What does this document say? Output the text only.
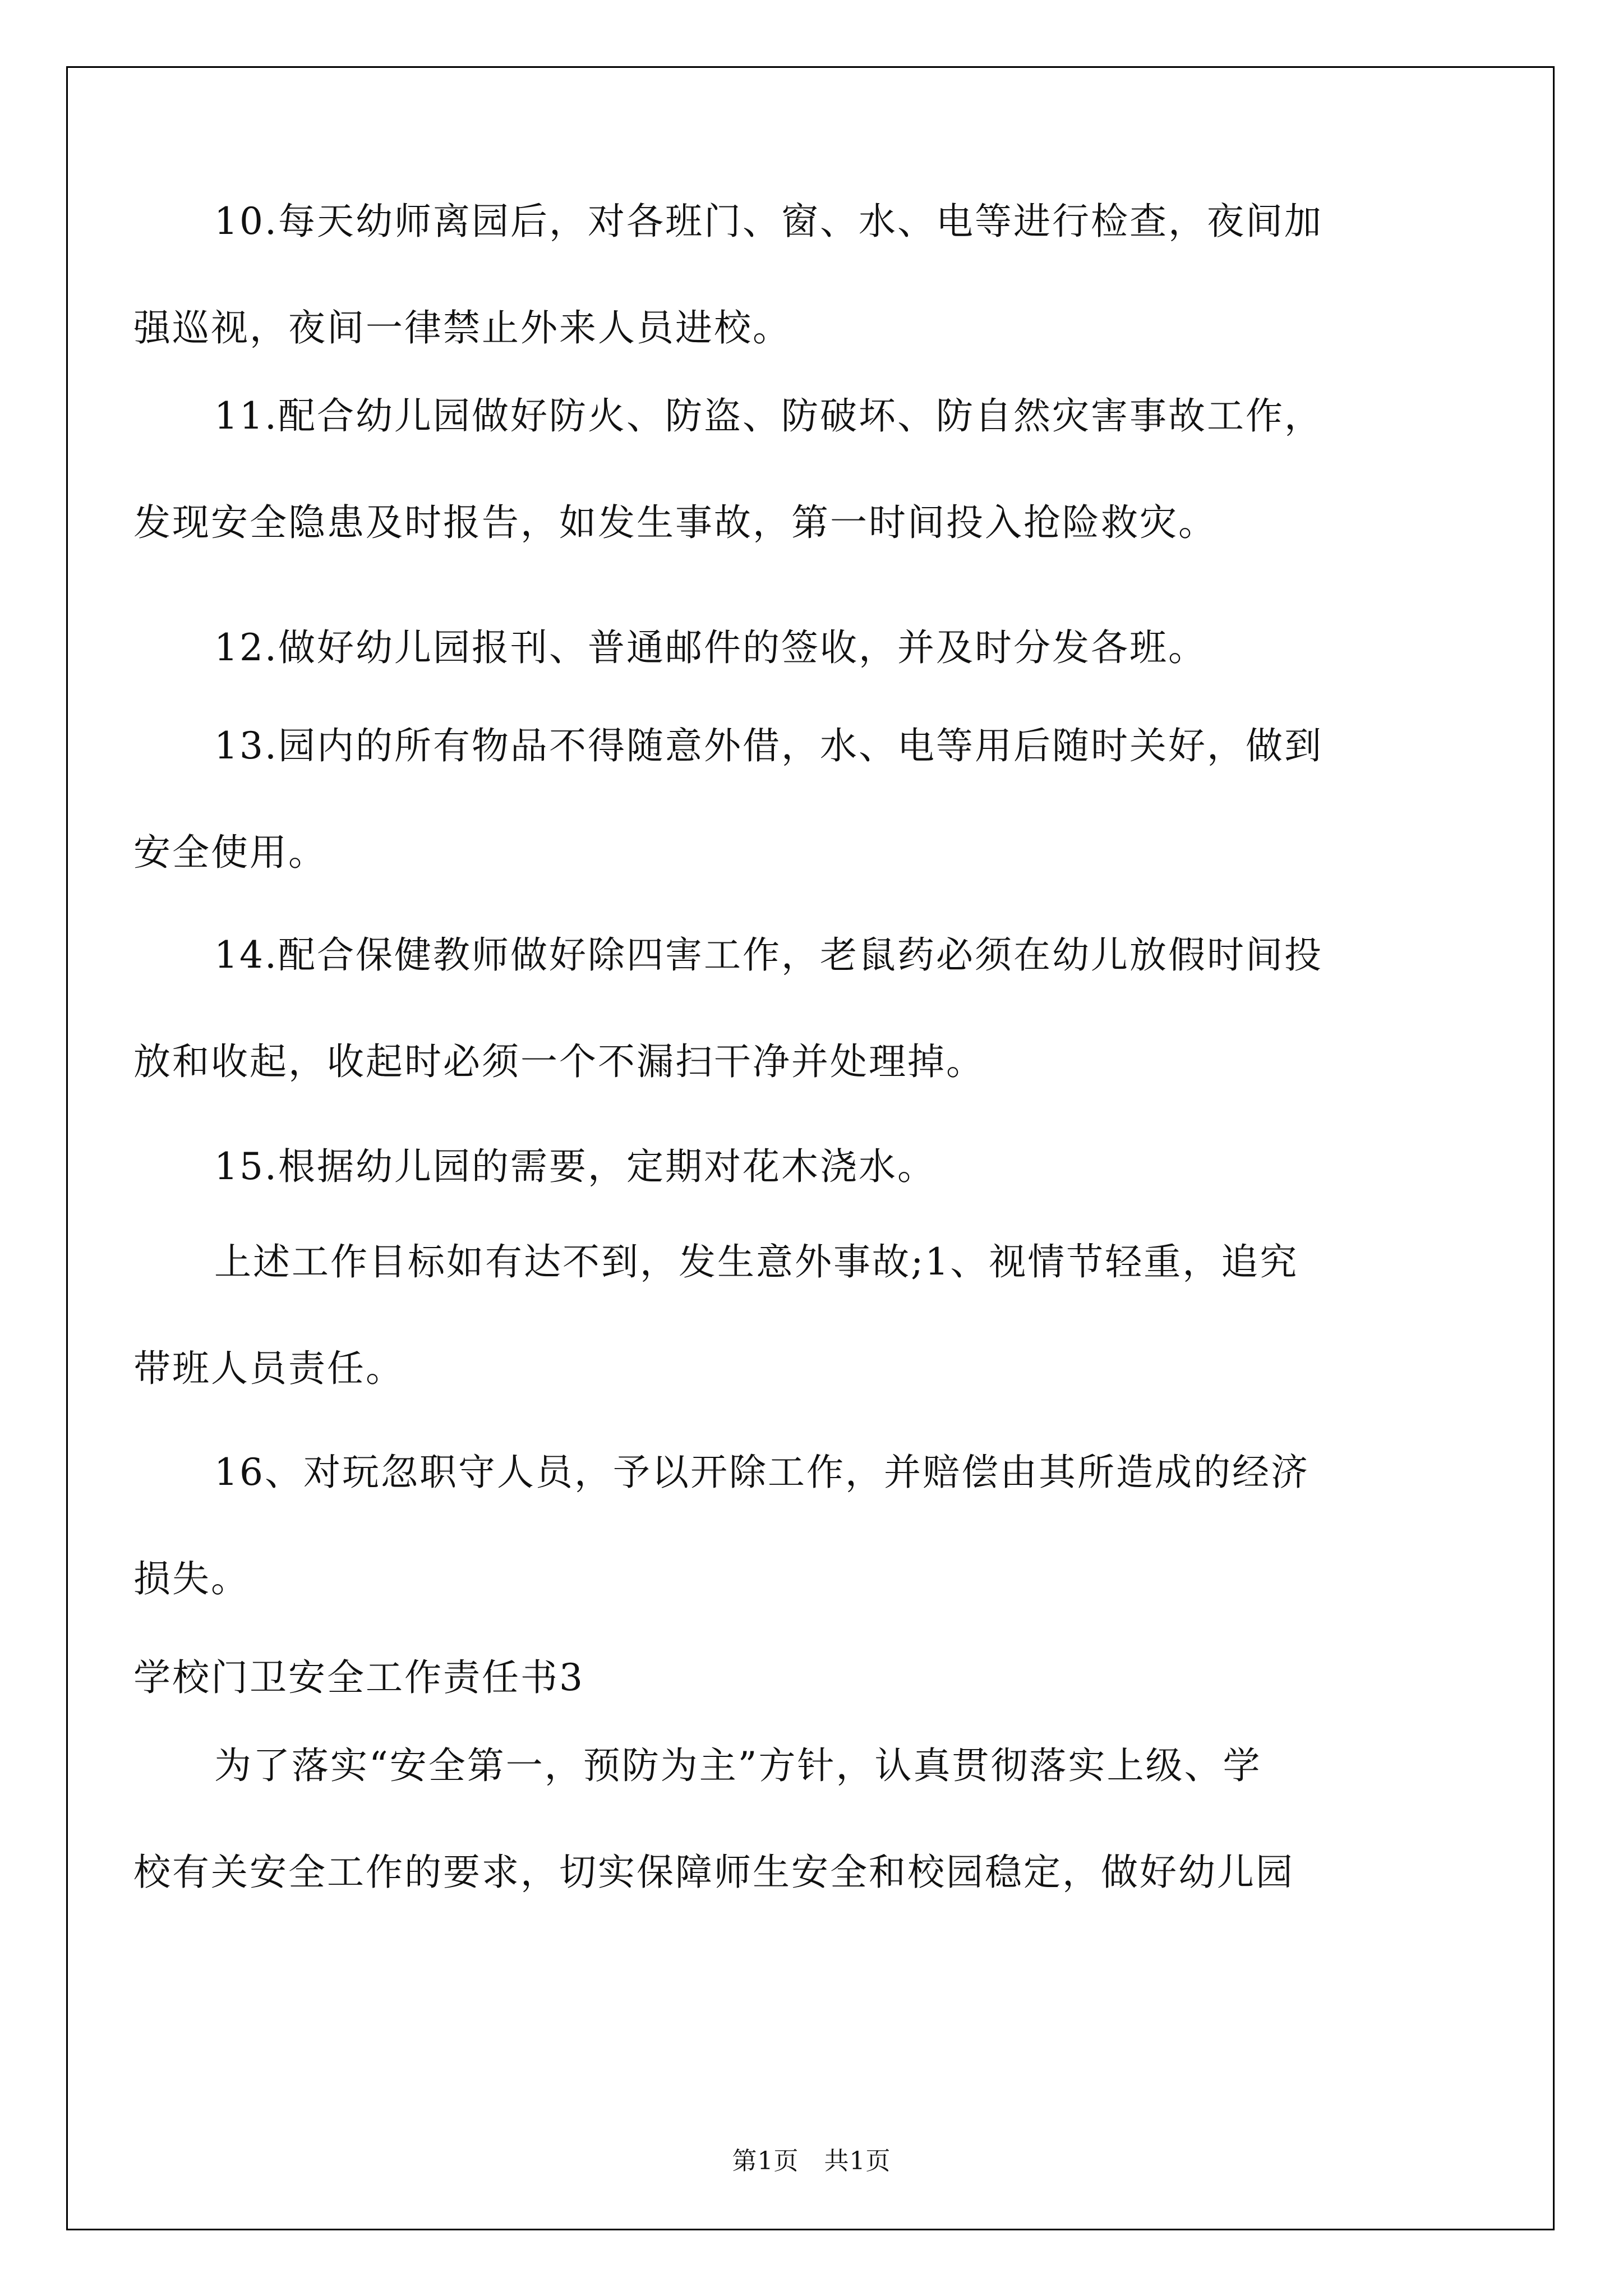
10.每天幼师离园后，对各班门、窗、水、电等进行检查，夜间加
强巡视，夜间一律禁止外来人员进校。
11.配合幼儿园做好防火、防盗、防破坏、防自然灾害事故工作，
发现安全隐患及时报告，如发生事故，第一时间投入抢险救灾。
12.做好幼儿园报刊、普通邮件的签收，并及时分发各班。
13.园内的所有物品不得随意外借，水、电等用后随时关好，做到
安全使用。
14.配合保健教师做好除四害工作，老鼠药必须在幼儿放假时间投
放和收起，收起时必须一个不漏扫干净并处理掉。
15.根据幼儿园的需要，定期对花木浇水。
上述工作目标如有达不到，发生意外事故;1、视情节轻重，追究
带班人员责任。
16、对玩忽职守人员，予以开除工作，并赔偿由其所造成的经济
损失。
学校门卫安全工作责任书3
为了落实“安全第一，预防为主”方针，认真贯彻落实上级、学
校有关安全工作的要求，切实保障师生安全和校园稳定，做好幼儿园
第1页　共1页
